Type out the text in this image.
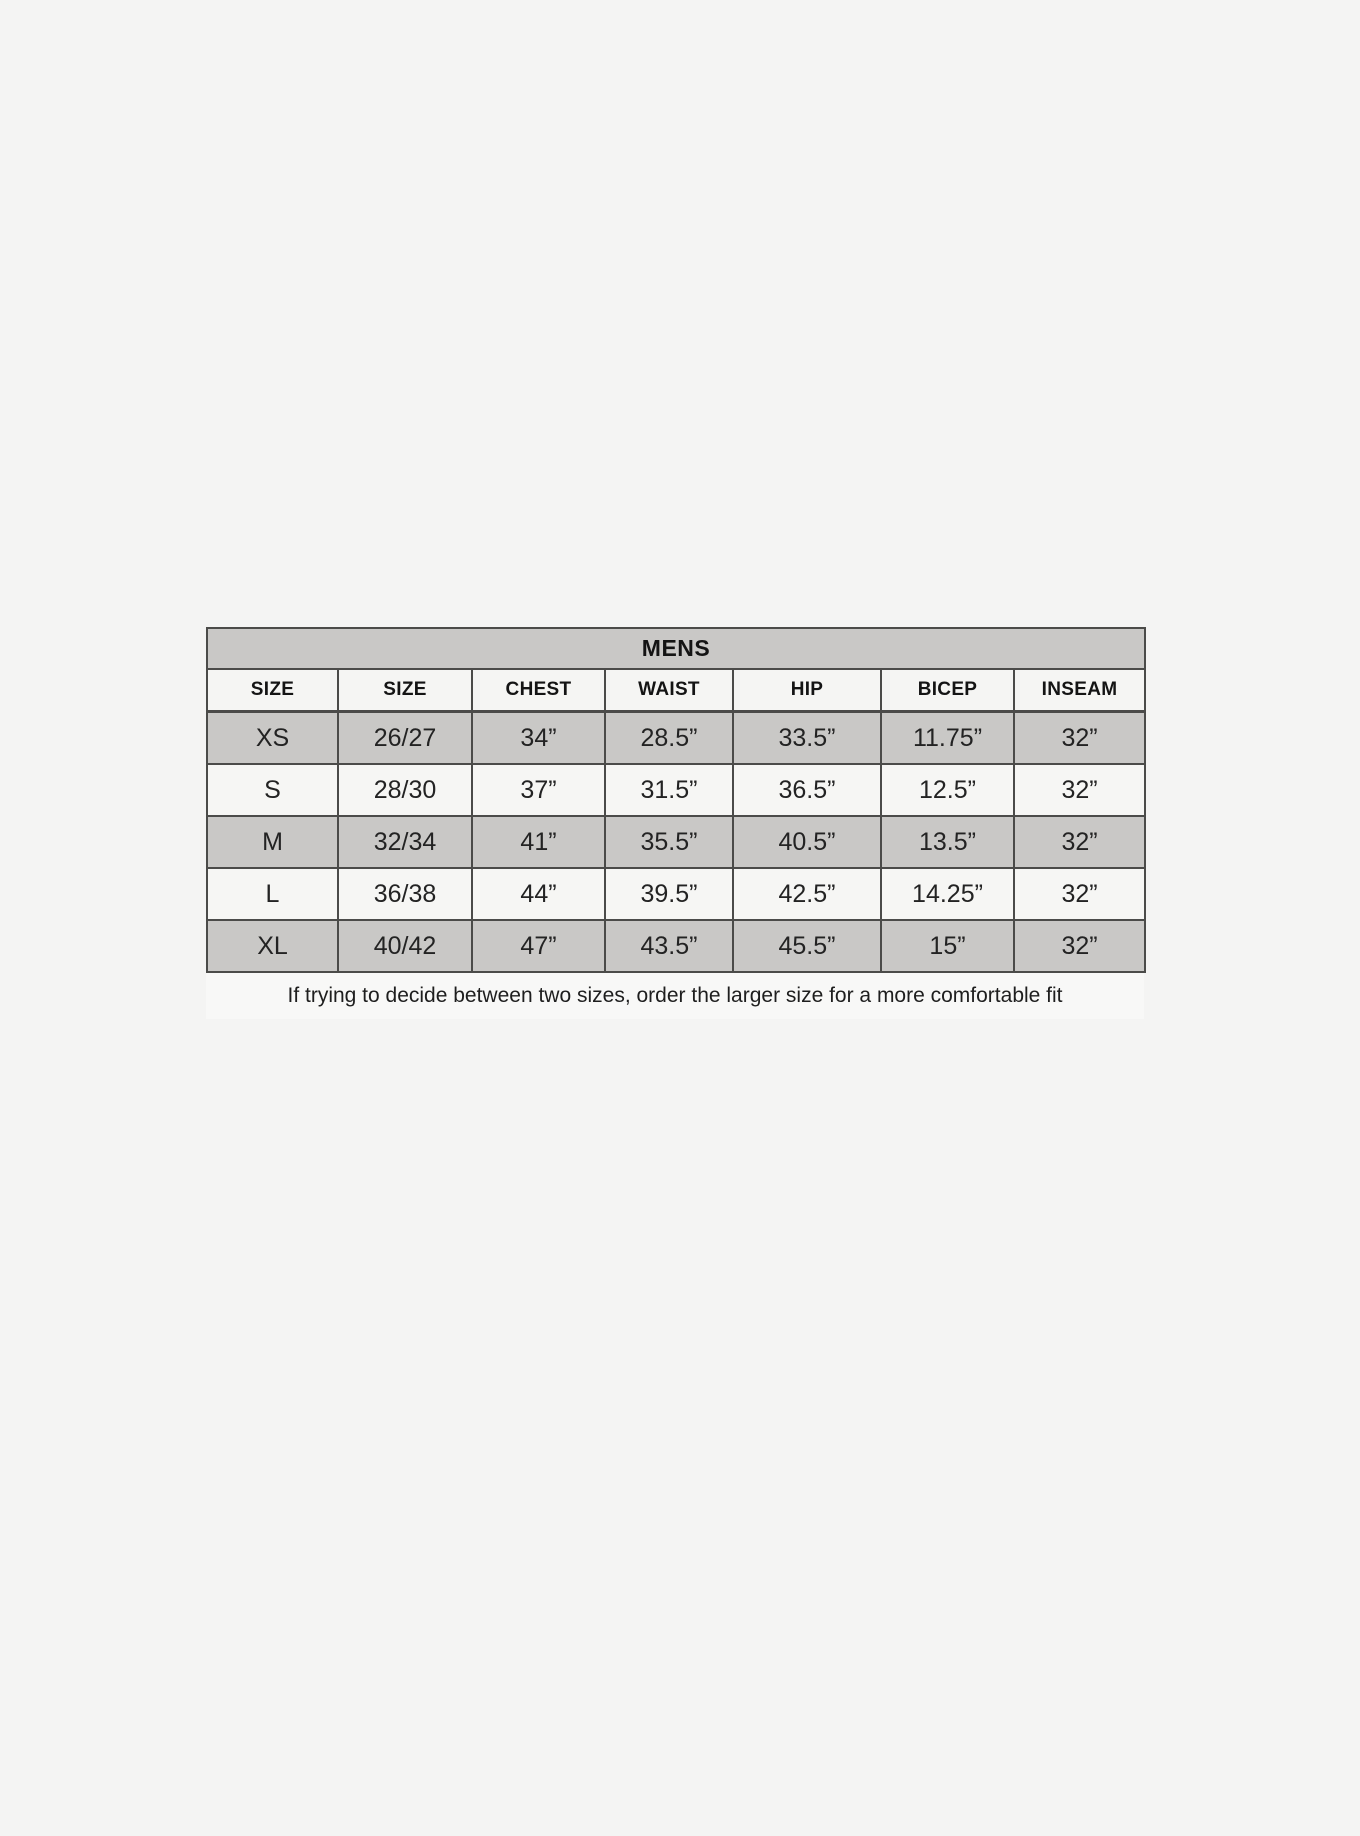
MENS						
SIZE	SIZE	CHEST	WAIST	HIP	BICEP	INSEAM
XS	26/27	34”	28.5”	33.5”	11.75”	32”
S	28/30	37”	31.5”	36.5”	12.5”	32”
M	32/34	41”	35.5”	40.5”	13.5”	32”
L	36/38	44”	39.5”	42.5”	14.25”	32”
XL	40/42	47”	43.5”	45.5”	15”	32”
If trying to decide between two sizes, order the larger size for a more comfortable fit
